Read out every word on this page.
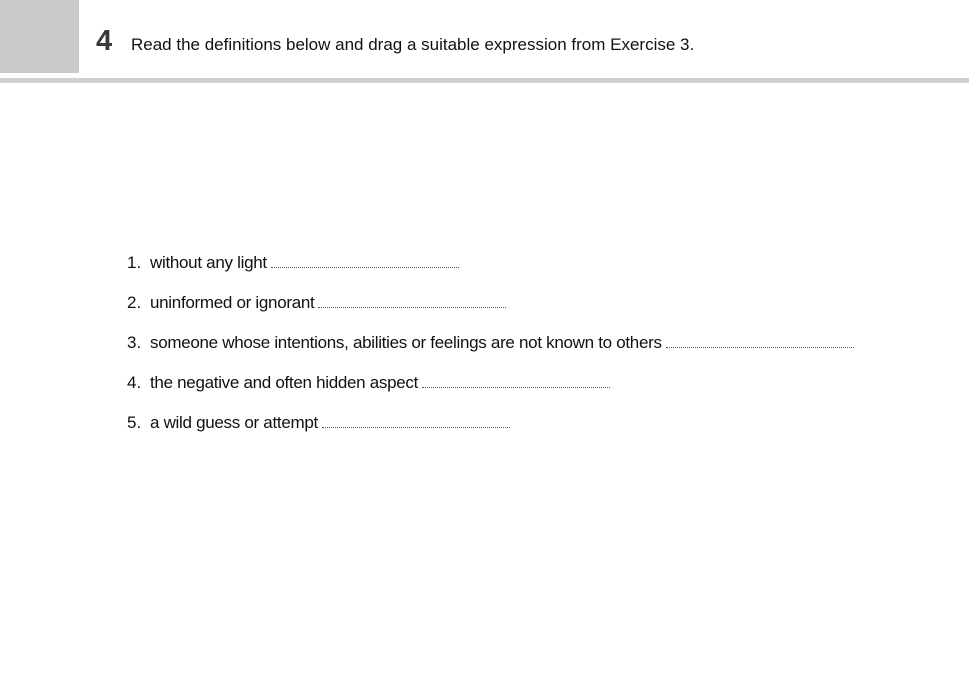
4 Read the definitions below and drag a suitable expression from Exercise 3.
1. without any light
2. uninformed or ignorant
3. someone whose intentions, abilities or feelings are not known to others
4. the negative and often hidden aspect
5. a wild guess or attempt
